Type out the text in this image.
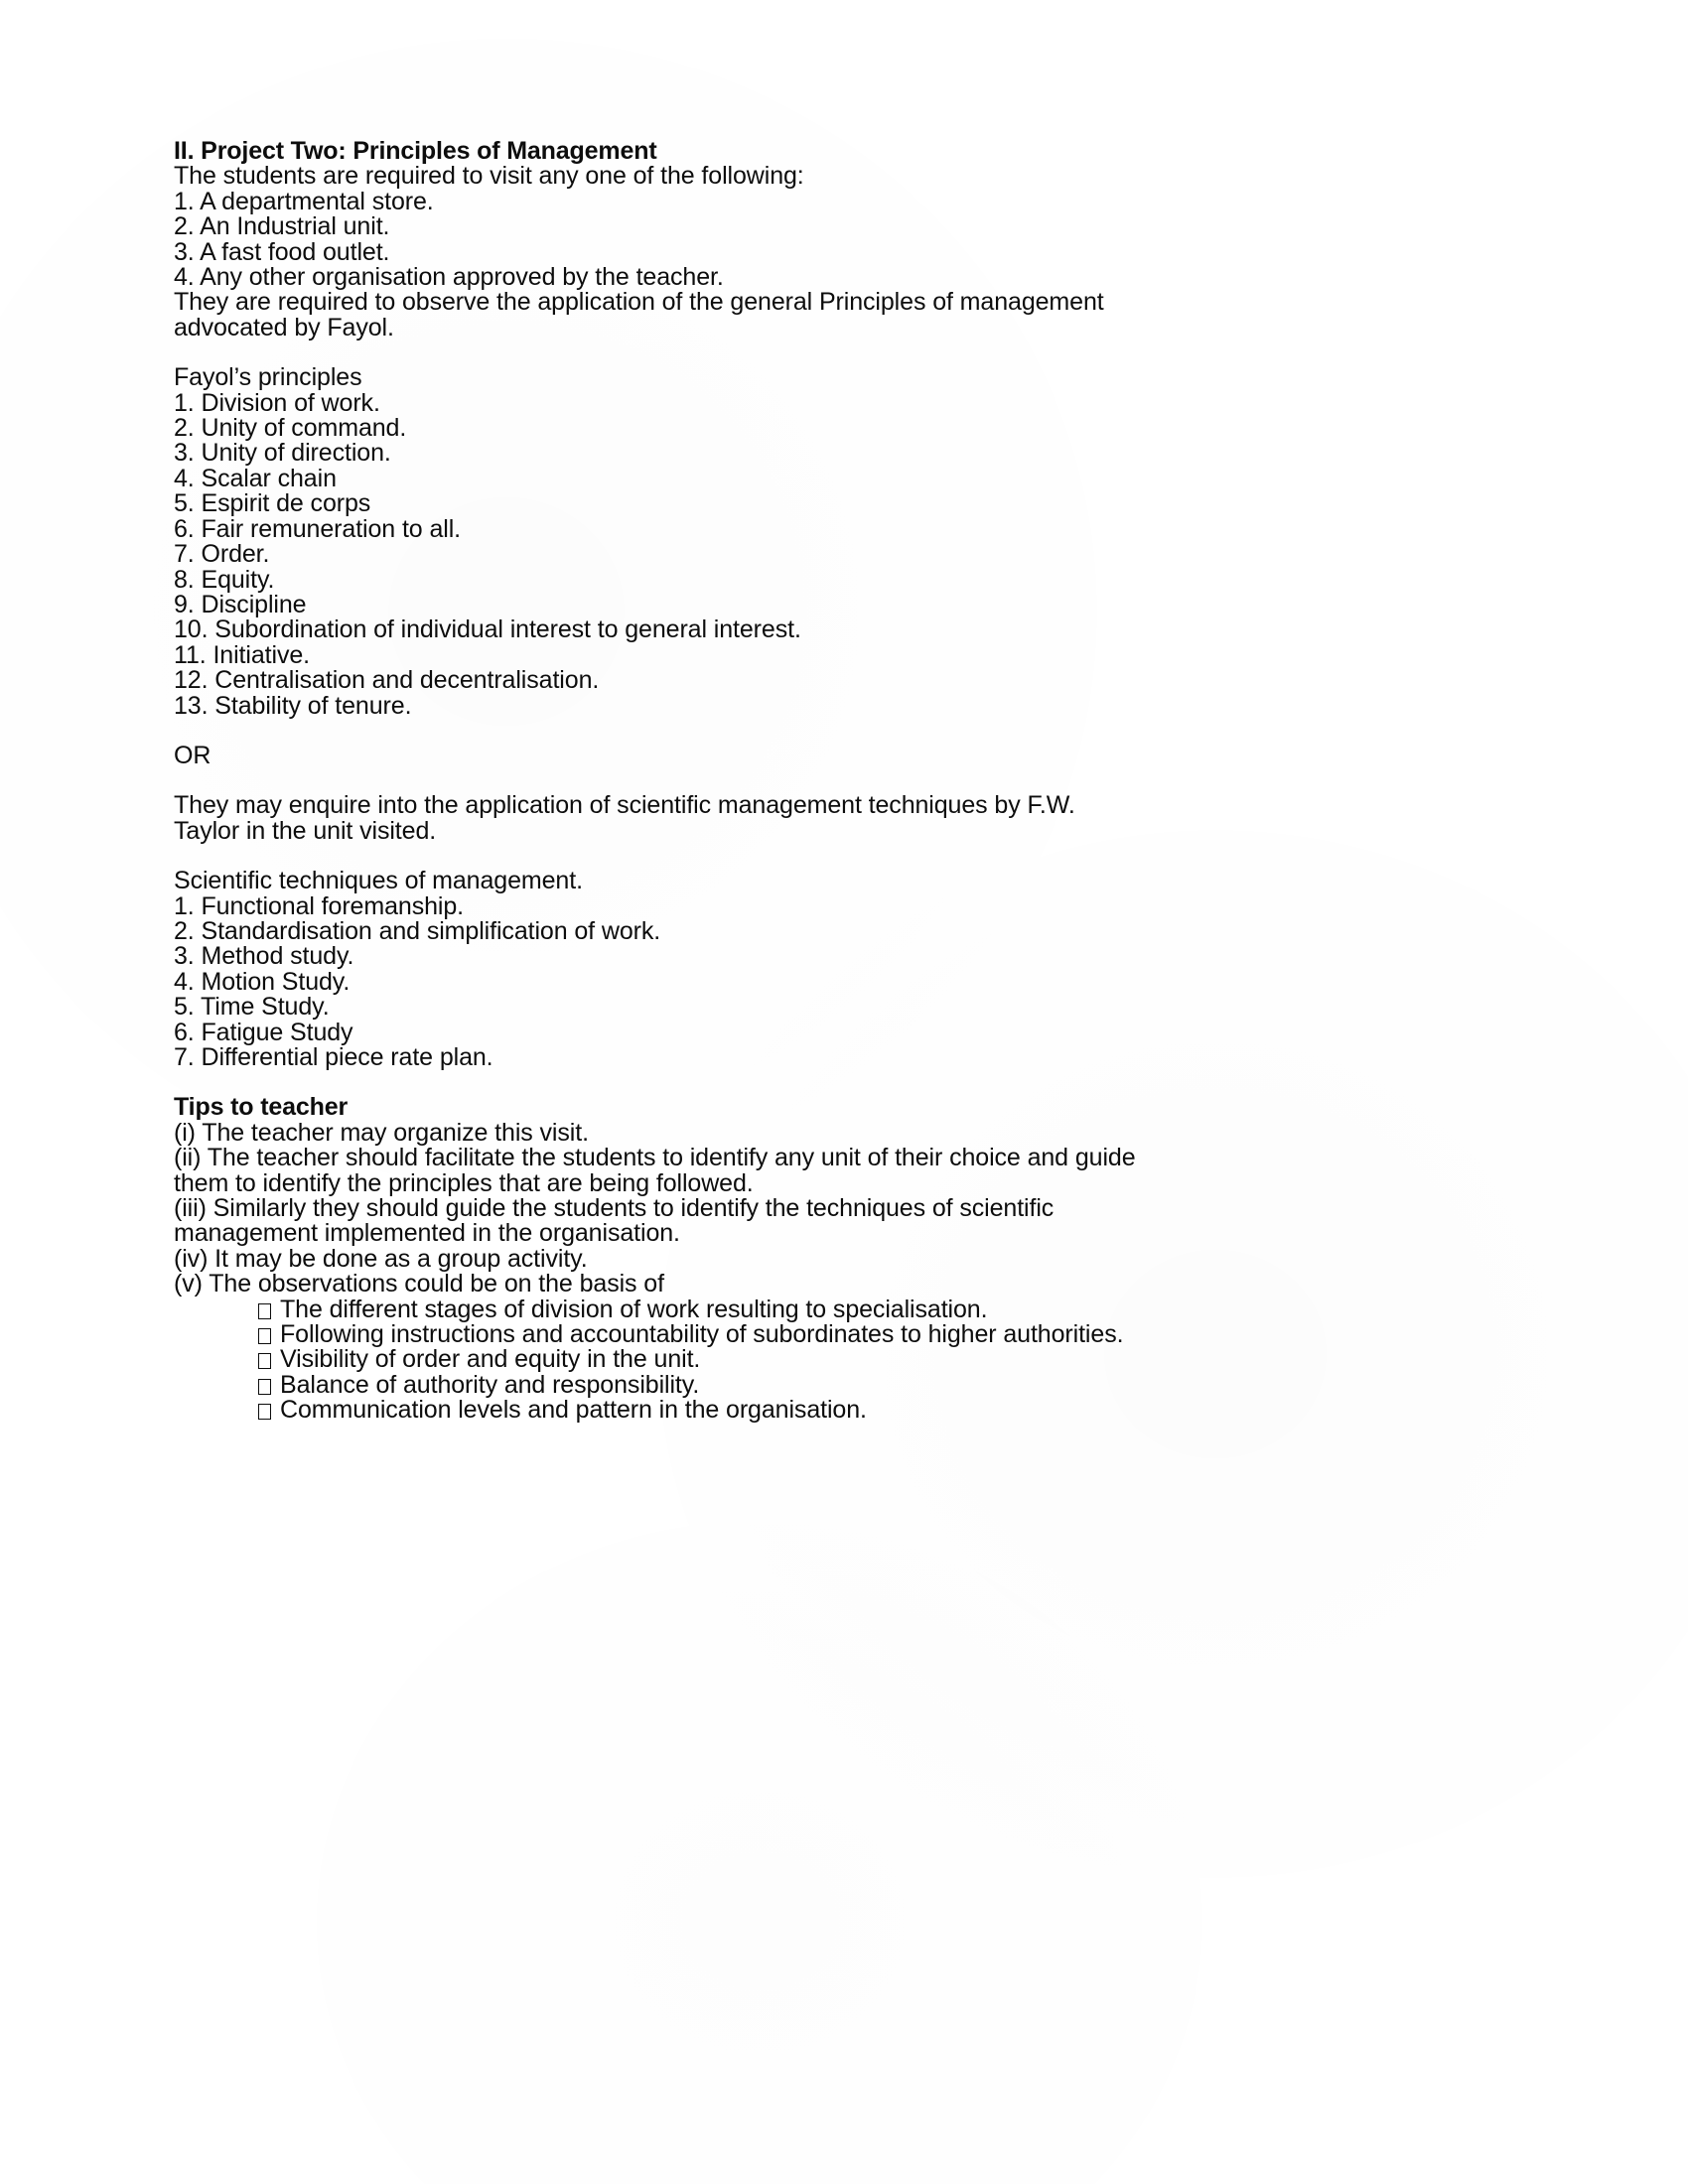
II. Project Two: Principles of Management
The students are required to visit any one of the following:
1. A departmental store.
2. An Industrial unit.
3. A fast food outlet.
4. Any other organisation approved by the teacher.
They are required to observe the application of the general Principles of management
advocated by Fayol.
Fayol’s principles
1. Division of work.
2. Unity of command.
3. Unity of direction.
4. Scalar chain
5. Espirit de corps
6. Fair remuneration to all.
7. Order.
8. Equity.
9. Discipline
10. Subordination of individual interest to general interest.
11. Initiative.
12. Centralisation and decentralisation.
13. Stability of tenure.
OR
They may enquire into the application of scientific management techniques by F.W.
Taylor in the unit visited.
Scientific techniques of management.
1. Functional foremanship.
2. Standardisation and simplification of work.
3. Method study.
4. Motion Study.
5. Time Study.
6. Fatigue Study
7. Differential piece rate plan.
Tips to teacher
(i) The teacher may organize this visit.
(ii) The teacher should facilitate the students to identify any unit of their choice and guide
them to identify the principles that are being followed.
(iii) Similarly they should guide the students to identify the techniques of scientific
management implemented in the organisation.
(iv) It may be done as a group activity.
(v) The observations could be on the basis of
The different stages of division of work resulting to specialisation.
Following instructions and accountability of subordinates to higher authorities.
Visibility of order and equity in the unit.
Balance of authority and responsibility.
Communication levels and pattern in the organisation.
